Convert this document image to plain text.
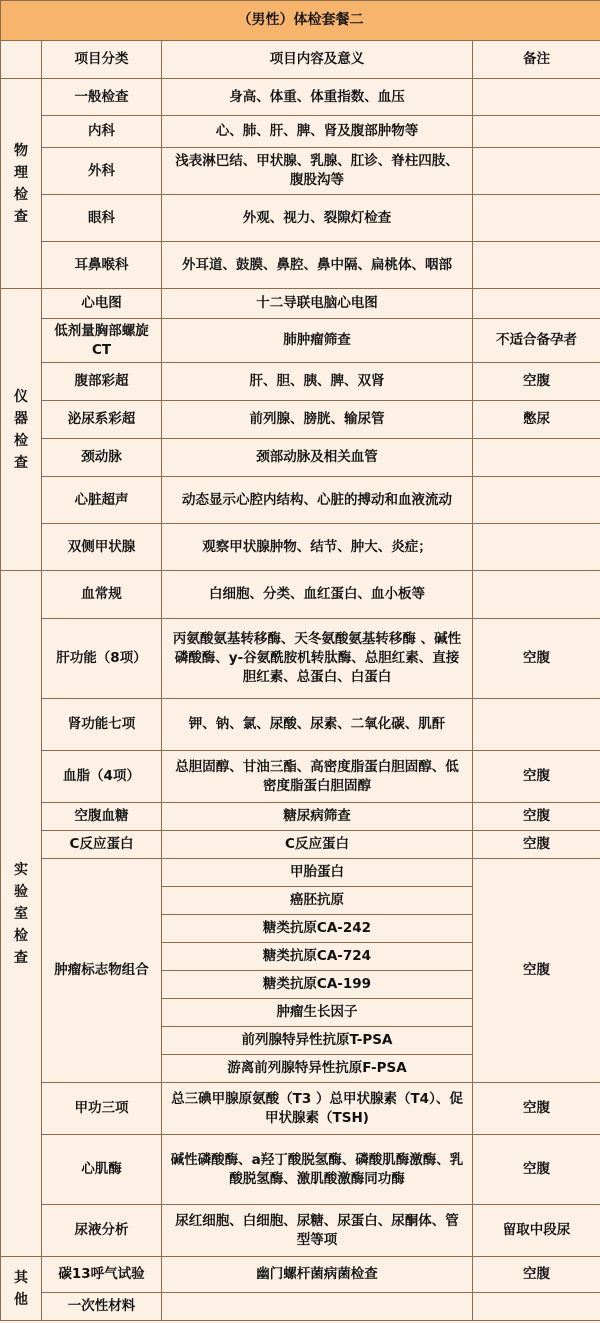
（男性）体检套餐二			
	项目分类	项目内容及意义	备注

物
理
检
查	一般检查	身高、体重、体重指数、血压	
	内科	心、肺、肝、脾、肾及腹部肿物等	
	外科	浅表淋巴结、甲状腺、乳腺、肛诊、脊柱四肢、腹股沟等	
	眼科	外观、视力、裂隙灯检查	
	耳鼻喉科	外耳道、鼓膜、鼻腔、鼻中隔、扁桃体、咽部	

仪
器
检
查	心电图	十二导联电脑心电图	
	低剂量胸部螺旋CT	肺肿瘤筛查	不适合备孕者
	腹部彩超	肝、胆、胰、脾、双肾	空腹
	泌尿系彩超	前列腺、膀胱、输尿管	憋尿
	颈动脉	颈部动脉及相关血管	
	心脏超声	动态显示心腔内结构、心脏的搏动和血液流动	
	双侧甲状腺	观察甲状腺肿物、结节、肿大、炎症；	

实
验
室
检
查	血常规	白细胞、分类、血红蛋白、血小板等	
	肝功能（8项）	丙氨酸氨基转移酶、天冬氨酸氨基转移酶 、碱性磷酸酶、y-谷氨酰胺机转肽酶、总胆红素、直接胆红素、总蛋白、白蛋白	空腹
	肾功能七项	钾、钠、氯、尿酸、尿素、二氧化碳、肌酐	
	血脂（4项）	总胆固醇、甘油三酯、高密度脂蛋白胆固醇、低密度脂蛋白胆固醇	空腹
	空腹血糖	糖尿病筛查	空腹
	C反应蛋白	C反应蛋白	空腹
	肿瘤标志物组合	甲胎蛋白	空腹
		癌胚抗原	
		糖类抗原CA-242	
		糖类抗原CA-724	
		糖类抗原CA-199	
		肿瘤生长因子	
		前列腺特异性抗原T-PSA	
		游离前列腺特异性抗原F-PSA	
	甲功三项	总三碘甲腺原氨酸（T3 ）总甲状腺素（T4）、促甲状腺素（TSH)	空腹
	心肌酶	碱性磷酸酶、a羟丁酸脱氢酶、磷酸肌酶激酶、乳酸脱氢酶、激肌酸激酶同功酶	空腹
	尿液分析	尿红细胞、白细胞、尿糖、尿蛋白、尿酮体、管型等项	留取中段尿

其
他	碳13呼气试验	幽门螺杆菌病菌检查	空腹
	一次性材料		
